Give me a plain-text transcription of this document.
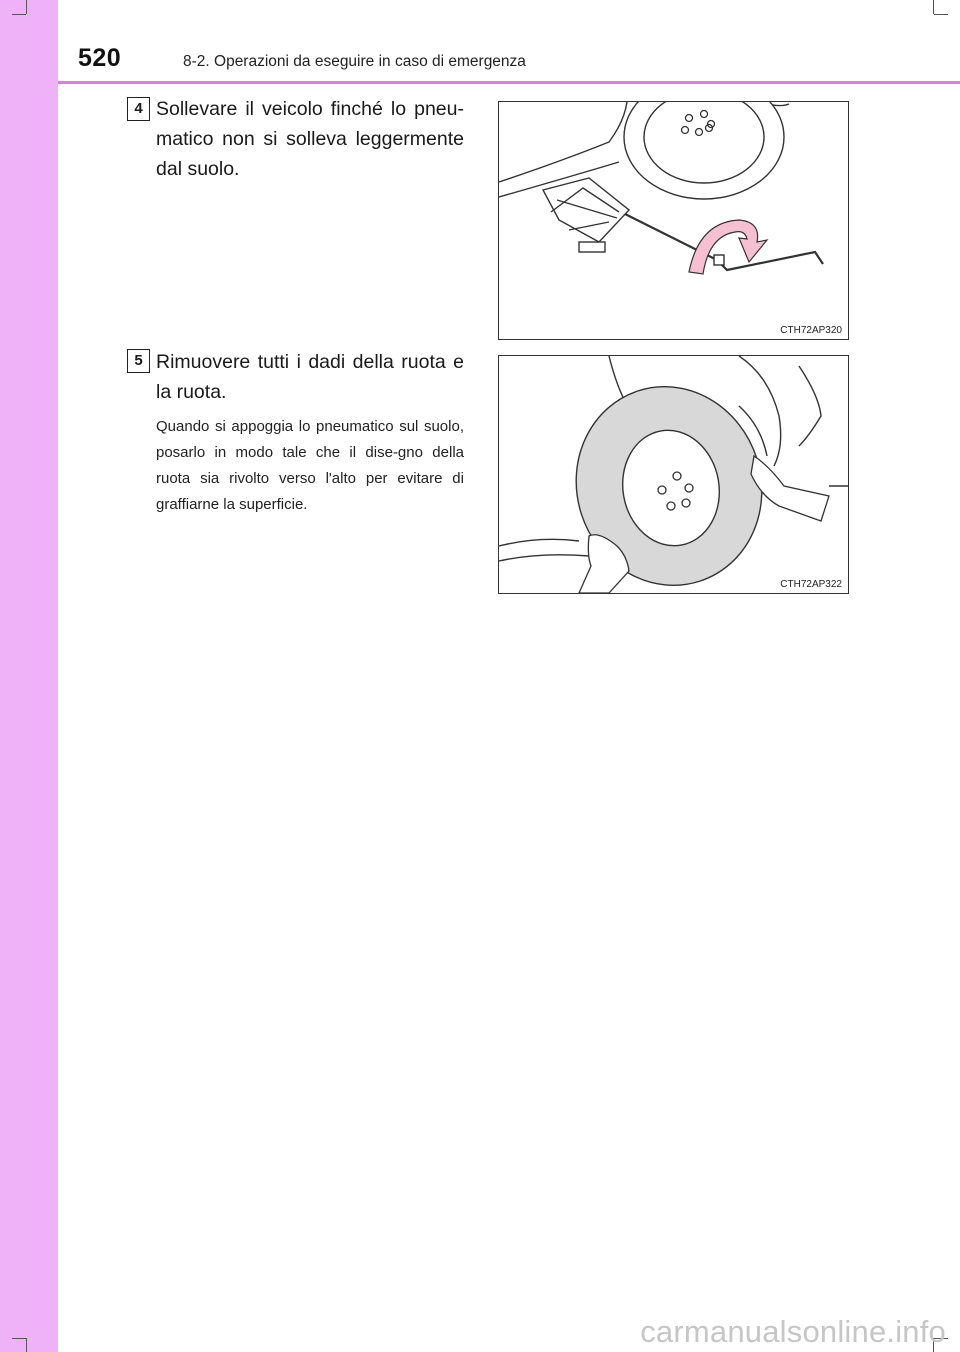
520	8-2. Operazioni da eseguire in caso di emergenza
4 Sollevare il veicolo finché lo pneu-matico non si solleva leggermente dal suolo.
CTH72AP320
5 Rimuovere tutti i dadi della ruota e la ruota.
Quando si appoggia lo pneumatico sul suolo, posarlo in modo tale che il dise-gno della ruota sia rivolto verso l'alto per evitare di graffiarne la superficie.
CTH72AP322
carmanualsonline.info
